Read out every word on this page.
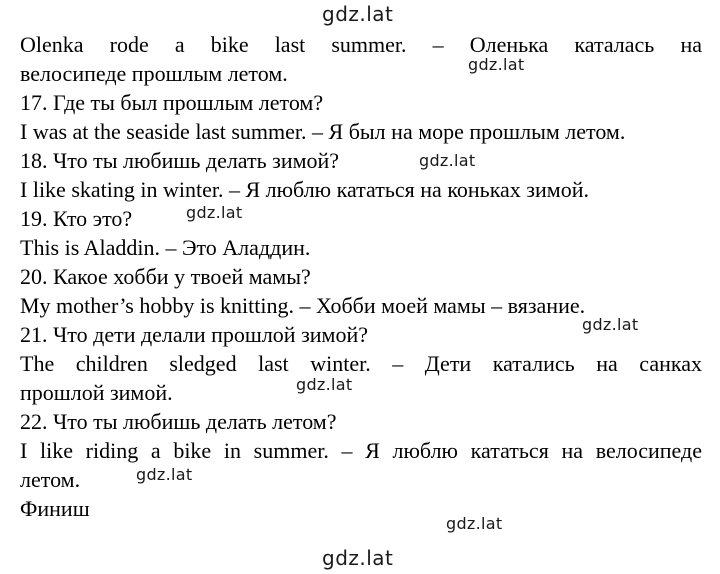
Olenka rode a bike last summer. – Оленька каталась на
велосипеде прошлым летом.
17. Где ты был прошлым летом?
I was at the seaside last summer. – Я был на море прошлым летом.
18. Что ты любишь делать зимой?
I like skating in winter. – Я люблю кататься на коньках зимой.
19. Кто это?
This is Aladdin. – Это Аладдин.
20. Какое хобби у твоей мамы?
My mother’s hobby is knitting. – Хобби моей мамы – вязание.
21. Что дети делали прошлой зимой?
The children sledged last winter. – Дети катались на санках
прошлой зимой.
22. Что ты любишь делать летом?
I like riding a bike in summer. – Я люблю кататься на велосипеде
летом.
Финиш
gdz.lat
gdz.lat
gdz.lat
gdz.lat
gdz.lat
gdz.lat
gdz.lat
gdz.lat
gdz.lat
